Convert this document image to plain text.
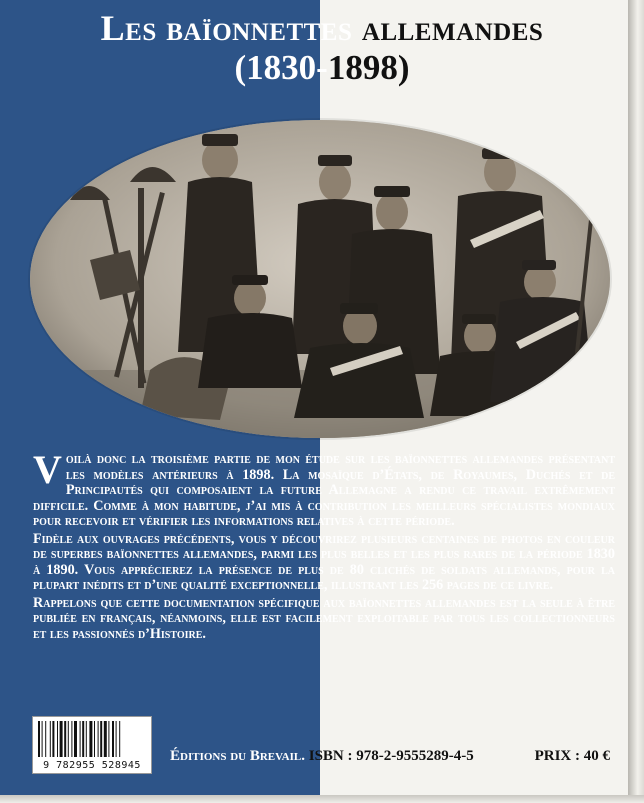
Les baïonnettes allemandes
(1830-1898)

Voilà donc la troisième partie de mon étude sur les baïonnettes allemandes présentant les modèles antérieurs à 1898. La mosaïque d’États, de Royaumes, Duchés et de Principautés qui composaient la future Allemagne a rendu ce travail extrêmement difficile. Comme à mon habitude, j’ai mis à contribution les meilleurs spécialistes mondiaux pour recevoir et vérifier les informations relatives à cette période.

Fidèle aux ouvrages précédents, vous y découvrirez plusieurs centaines de photos en couleur de superbes baïonnettes allemandes, parmi les plus belles et les plus rares de la période 1830 à 1890. Vous apprécierez la présence de plus de 80 clichés de soldats allemands, pour la plupart inédits et d’une qualité exceptionnelle, illustrant les 256 pages de ce livre.

Rappelons que cette documentation spécifique aux baïonnettes allemandes est la seule à être publiée en français, néanmoins, elle est facilement exploitable par tous les collectionneurs et les passionnés d’Histoire.

9 782955 528945
Éditions du Brevail. ISBN : 978-2-9555289-4-5	PRIX : 40 €
